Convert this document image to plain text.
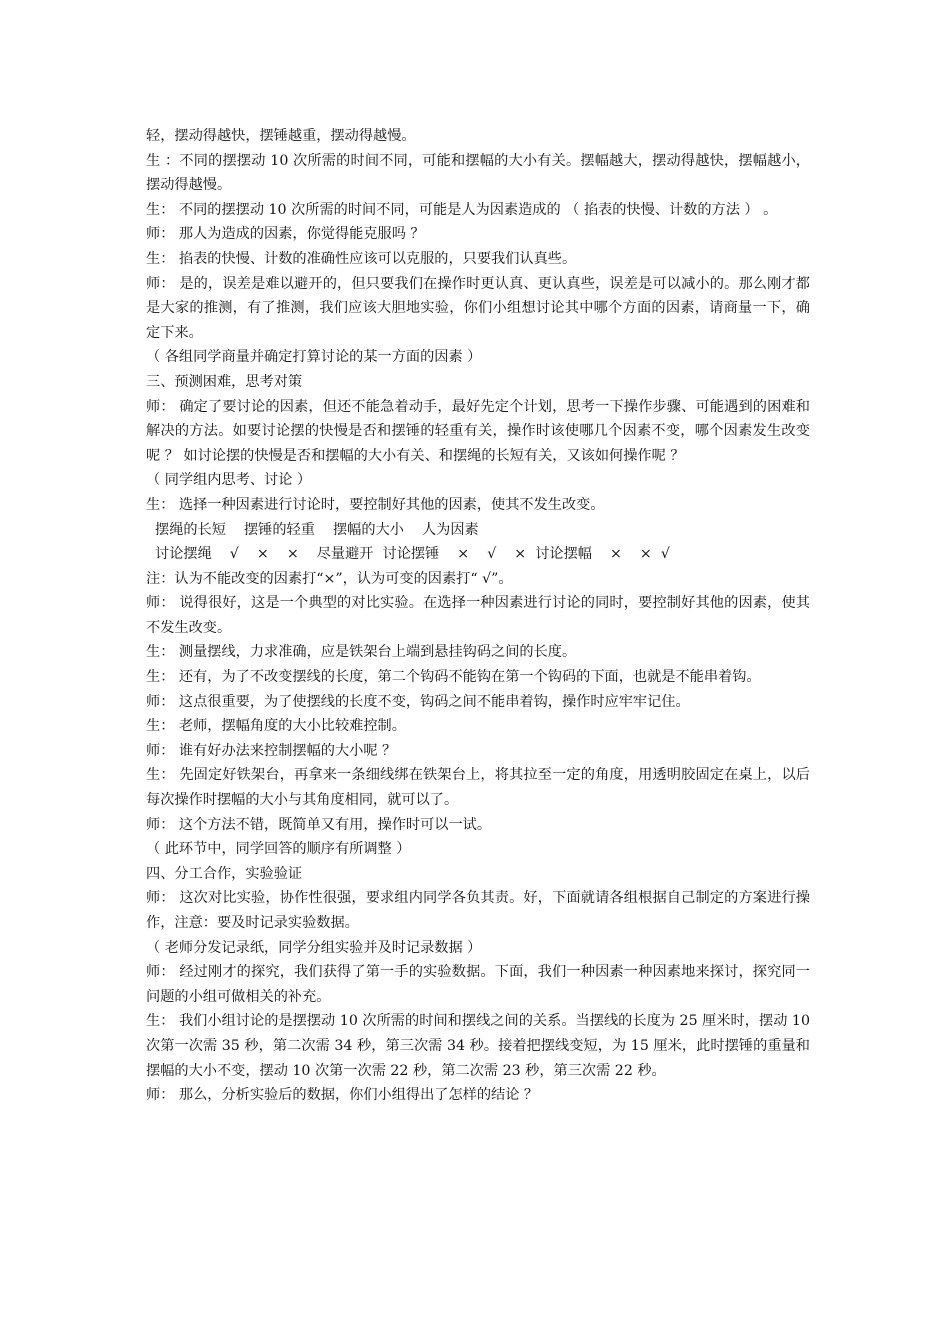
轻，摆动得越快，摆锤越重，摆动得越慢。

生 ：不同的摆摆动 10 次所需的时间不同，可能和摆幅的大小有关。摆幅越大，摆动得越快，摆幅越小，摆动得越慢。

生： 不同的摆摆动 10 次所需的时间不同，可能是人为因素造成的 （ 掐表的快慢、计数的方法 ） 。

师： 那人为造成的因素，你觉得能克服吗 ？

生： 掐表的快慢、计数的准确性应该可以克服的，只要我们认真些。

师： 是的，误差是难以避开的，但只要我们在操作时更认真、更认真些，误差是可以减小的。那么刚才都是大家的推测，有了推测，我们应该大胆地实验，你们小组想讨论其中哪个方面的因素，请商量一下，确定下来。

（ 各组同学商量并确定打算讨论的某一方面的因素 ）

三、预测困难，思考对策

师： 确定了要讨论的因素，但还不能急着动手，最好先定个计划，思考一下操作步骤、可能遇到的困难和解决的方法。如要讨论摆的快慢是否和摆锤的轻重有关，操作时该使哪几个因素不变，哪个因素发生改变呢 ？ 如讨论摆的快慢是否和摆幅的大小有关、和摆绳的长短有关，又该如何操作呢 ？

（ 同学组内思考、讨论 ）

生： 选择一种因素进行讨论时，要控制好其他的因素，使其不发生改变。

摆绳的长短    摆锤的轻重    摆幅的大小    人为因素

讨论摆绳    √    ×    ×    尽量避开  讨论摆锤    ×    √    ×  讨论摆幅    ×    ×  √

注：认为不能改变的因素打“×”，认为可变的因素打“ √”。

师： 说得很好，这是一个典型的对比实验。在选择一种因素进行讨论的同时，要控制好其他的因素，使其不发生改变。

生： 测量摆线，力求准确，应是铁架台上端到悬挂钩码之间的长度。

生： 还有，为了不改变摆线的长度，第二个钩码不能钩在第一个钩码的下面，也就是不能串着钩。

师： 这点很重要，为了使摆线的长度不变，钩码之间不能串着钩，操作时应牢牢记住。

生： 老师，摆幅角度的大小比较难控制。

师： 谁有好办法来控制摆幅的大小呢 ？

生： 先固定好铁架台，再拿来一条细线绑在铁架台上，将其拉至一定的角度，用透明胶固定在桌上，以后每次操作时摆幅的大小与其角度相同，就可以了。

师： 这个方法不错，既简单又有用，操作时可以一试。

（ 此环节中，同学回答的顺序有所调整 ）

四、分工合作，实验验证

师： 这次对比实验，协作性很强，要求组内同学各负其责。好，下面就请各组根据自己制定的方案进行操作，注意：要及时记录实验数据。

（ 老师分发记录纸，同学分组实验并及时记录数据 ）

师： 经过刚才的探究，我们获得了第一手的实验数据。下面，我们一种因素一种因素地来探讨，探究同一问题的小组可做相关的补充。

生： 我们小组讨论的是摆摆动 10 次所需的时间和摆线之间的关系。当摆线的长度为 25 厘米时，摆动 10 次第一次需 35 秒，第二次需 34 秒，第三次需 34 秒。接着把摆线变短，为 15 厘米，此时摆锤的重量和摆幅的大小不变，摆动 10 次第一次需 22 秒，第二次需 23 秒，第三次需 22 秒。

师： 那么，分析实验后的数据，你们小组得出了怎样的结论 ？
